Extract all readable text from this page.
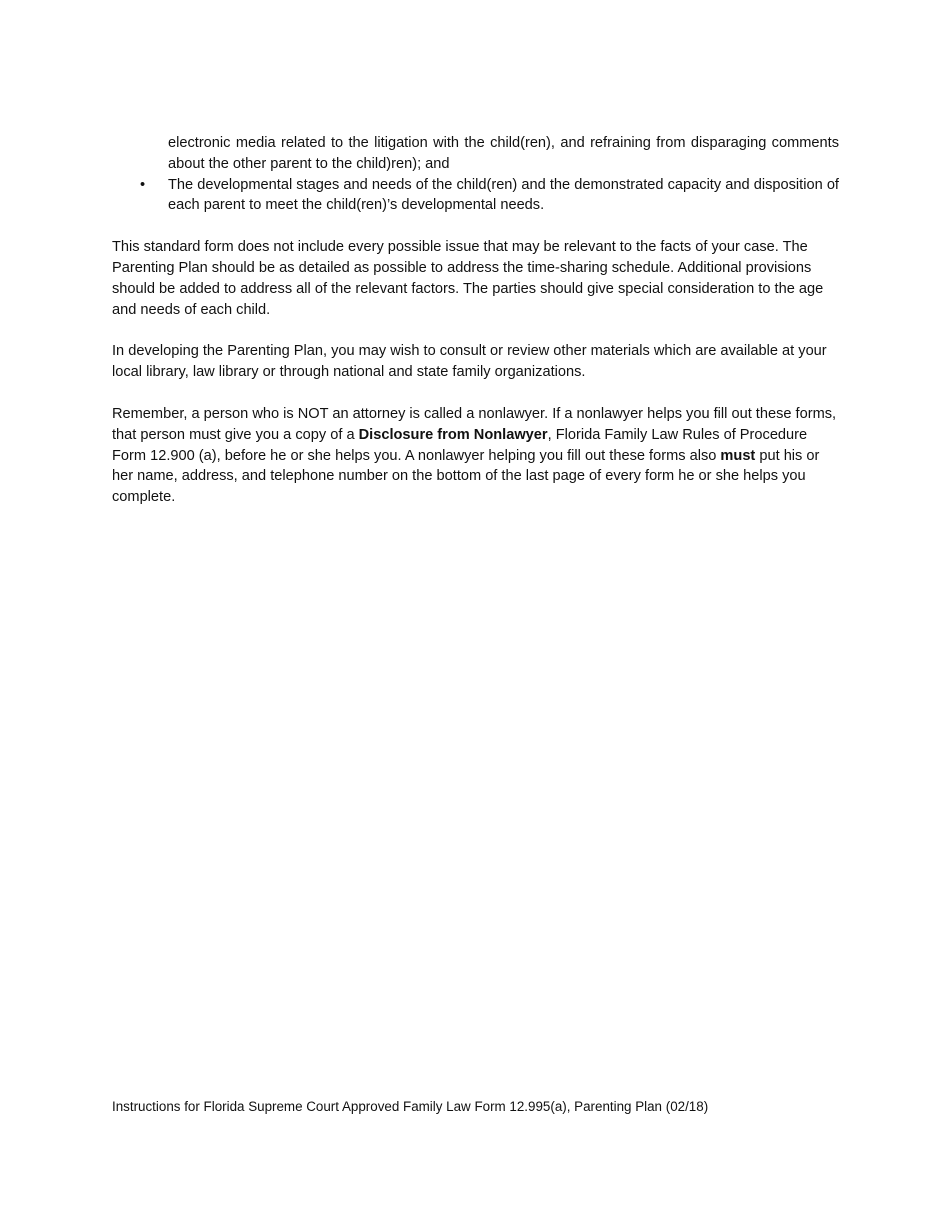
electronic media related to the litigation with the child(ren), and refraining from disparaging comments about the other parent to the child)ren); and
•	The developmental stages and needs of the child(ren) and the demonstrated capacity and disposition of each parent to meet the child(ren)’s developmental needs.

This standard form does not include every possible issue that may be relevant to the facts of your case. The Parenting Plan should be as detailed as possible to address the time-sharing schedule. Additional provisions should be added to address all of the relevant factors. The parties should give special consideration to the age and needs of each child.

In developing the Parenting Plan, you may wish to consult or review other materials which are available at your local library, law library or through national and state family organizations.

Remember, a person who is NOT an attorney is called a nonlawyer. If a nonlawyer helps you fill out these forms, that person must give you a copy of a Disclosure from Nonlawyer, Florida Family Law Rules of Procedure Form 12.900 (a), before he or she helps you. A nonlawyer helping you fill out these forms also must put his or her name, address, and telephone number on the bottom of the last page of every form he or she helps you complete.

Instructions for Florida Supreme Court Approved Family Law Form 12.995(a), Parenting Plan (02/18)
